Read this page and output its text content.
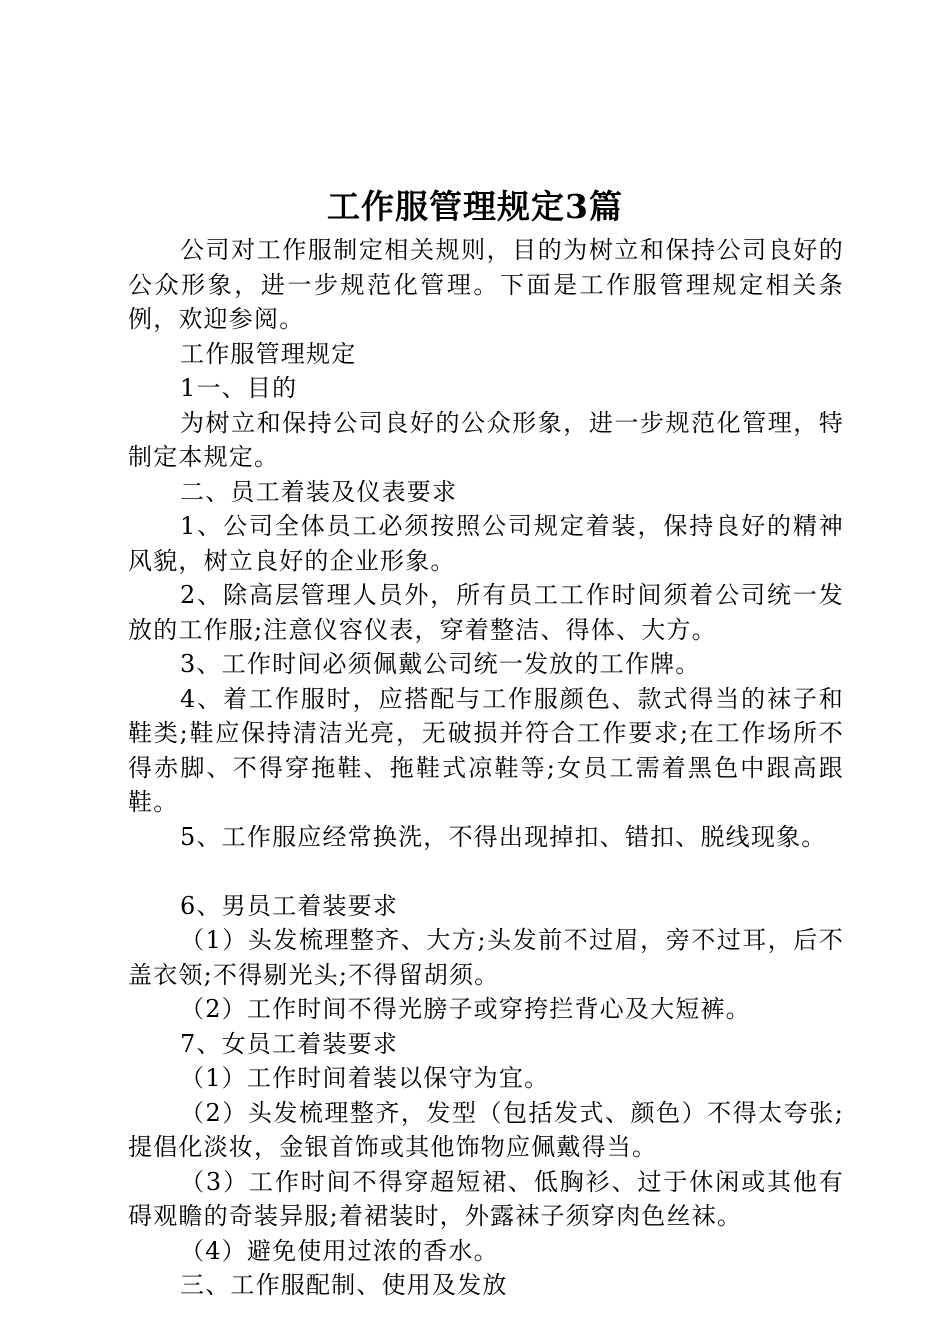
工作服管理规定3篇

公司对工作服制定相关规则，目的为树立和保持公司良好的公众形象，进一步规范化管理。下面是工作服管理规定相关条例，欢迎参阅。

工作服管理规定

1一、目的

为树立和保持公司良好的公众形象，进一步规范化管理，特制定本规定。

二、员工着装及仪表要求

1、公司全体员工必须按照公司规定着装，保持良好的精神风貌，树立良好的企业形象。

2、除高层管理人员外，所有员工工作时间须着公司统一发放的工作服;注意仪容仪表，穿着整洁、得体、大方。

3、工作时间必须佩戴公司统一发放的工作牌。

4、着工作服时，应搭配与工作服颜色、款式得当的袜子和鞋类;鞋应保持清洁光亮，无破损并符合工作要求;在工作场所不得赤脚、不得穿拖鞋、拖鞋式凉鞋等;女员工需着黑色中跟高跟鞋。

5、工作服应经常换洗，不得出现掉扣、错扣、脱线现象。

6、男员工着装要求

（1）头发梳理整齐、大方;头发前不过眉，旁不过耳，后不盖衣领;不得剔光头;不得留胡须。

（2）工作时间不得光膀子或穿挎拦背心及大短裤。

7、女员工着装要求

（1）工作时间着装以保守为宜。

（2）头发梳理整齐，发型（包括发式、颜色）不得太夸张;提倡化淡妆，金银首饰或其他饰物应佩戴得当。

（3）工作时间不得穿超短裙、低胸衫、过于休闲或其他有碍观瞻的奇装异服;着裙装时，外露袜子须穿肉色丝袜。

（4）避免使用过浓的香水。

三、工作服配制、使用及发放
